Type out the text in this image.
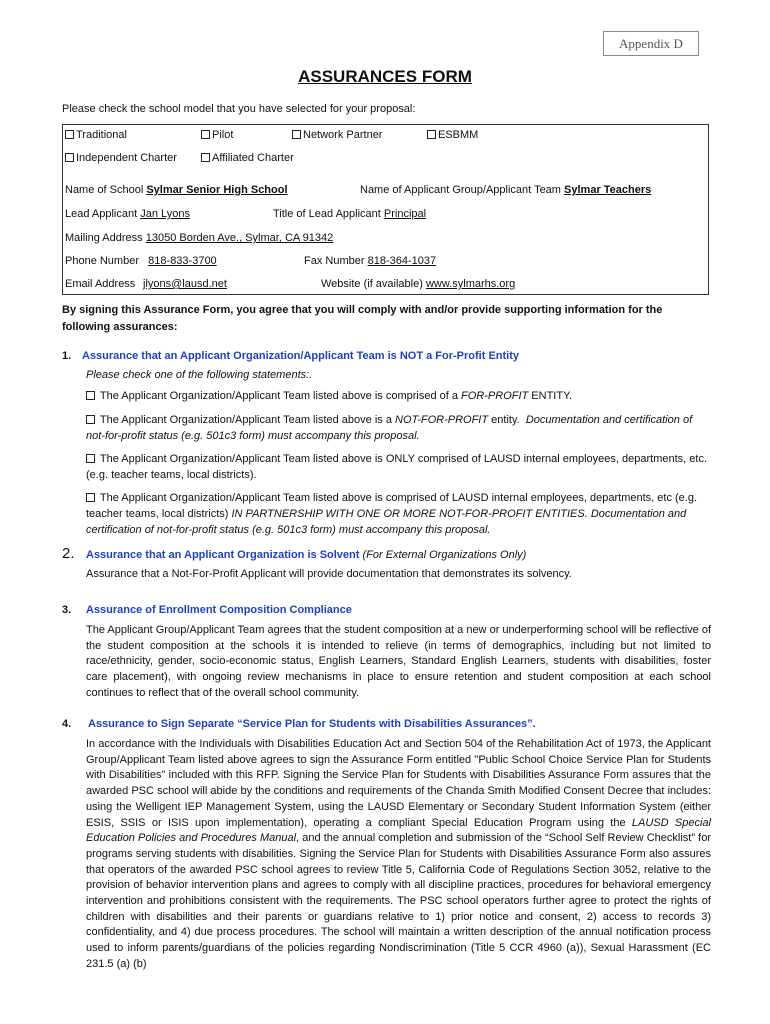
Appendix D
ASSURANCES FORM
Please check the school model that you have selected for your proposal:
Traditional	Pilot	Network Partner	ESBMM
Independent Charter	Affiliated Charter
Name of School Sylmar Senior High School	Name of Applicant Group/Applicant Team Sylmar Teachers
Lead Applicant Jan Lyons	Title of Lead Applicant Principal
Mailing Address 13050 Borden Ave., Sylmar, CA 91342
Phone Number 818-833-3700	Fax Number 818-364-1037
Email Address jlyons@lausd.net	Website (if available) www.sylmarhs.org
By signing this Assurance Form, you agree that you will comply with and/or provide supporting information for the following assurances:
1. Assurance that an Applicant Organization/Applicant Team is NOT a For-Profit Entity
Please check one of the following statements:.
The Applicant Organization/Applicant Team listed above is comprised of a FOR-PROFIT ENTITY.
The Applicant Organization/Applicant Team listed above is a NOT-FOR-PROFIT entity. Documentation and certification of not-for-profit status (e.g. 501c3 form) must accompany this proposal.
The Applicant Organization/Applicant Team listed above is ONLY comprised of LAUSD internal employees, departments, etc. (e.g. teacher teams, local districts).
The Applicant Organization/Applicant Team listed above is comprised of LAUSD internal employees, departments, etc (e.g. teacher teams, local districts) IN PARTNERSHIP WITH ONE OR MORE NOT-FOR-PROFIT ENTITIES. Documentation and certification of not-for-profit status (e.g. 501c3 form) must accompany this proposal.
2. Assurance that an Applicant Organization is Solvent (For External Organizations Only)
Assurance that a Not-For-Profit Applicant will provide documentation that demonstrates its solvency.
3. Assurance of Enrollment Composition Compliance
The Applicant Group/Applicant Team agrees that the student composition at a new or underperforming school will be reflective of the student composition at the schools it is intended to relieve (in terms of demographics, including but not limited to race/ethnicity, gender, socio-economic status, English Learners, Standard English Learners, students with disabilities, foster care placement), with ongoing review mechanisms in place to ensure retention and student composition at each school continues to reflect that of the overall school community.
4. Assurance to Sign Separate “Service Plan for Students with Disabilities Assurances”.
In accordance with the Individuals with Disabilities Education Act and Section 504 of the Rehabilitation Act of 1973, the Applicant Group/Applicant Team listed above agrees to sign the Assurance Form entitled "Public School Choice Service Plan for Students with Disabilities" included with this RFP. Signing the Service Plan for Students with Disabilities Assurance Form assures that the awarded PSC school will abide by the conditions and requirements of the Chanda Smith Modified Consent Decree that includes: using the Welligent IEP Management System, using the LAUSD Elementary or Secondary Student Information System (either ESIS, SSIS or ISIS upon implementation), operating a compliant Special Education Program using the LAUSD Special Education Policies and Procedures Manual, and the annual completion and submission of the “School Self Review Checklist” for programs serving students with disabilities. Signing the Service Plan for Students with Disabilities Assurance Form also assures that operators of the awarded PSC school agrees to review Title 5, California Code of Regulations Section 3052, relative to the provision of behavior intervention plans and agrees to comply with all discipline practices, procedures for behavioral emergency intervention and prohibitions consistent with the requirements. The PSC school operators further agree to protect the rights of children with disabilities and their parents or guardians relative to 1) prior notice and consent, 2) access to records 3) confidentiality, and 4) due process procedures. The school will maintain a written description of the annual notification process used to inform parents/guardians of the policies regarding Nondiscrimination (Title 5 CCR 4960 (a)), Sexual Harassment (EC 231.5 (a) (b)
